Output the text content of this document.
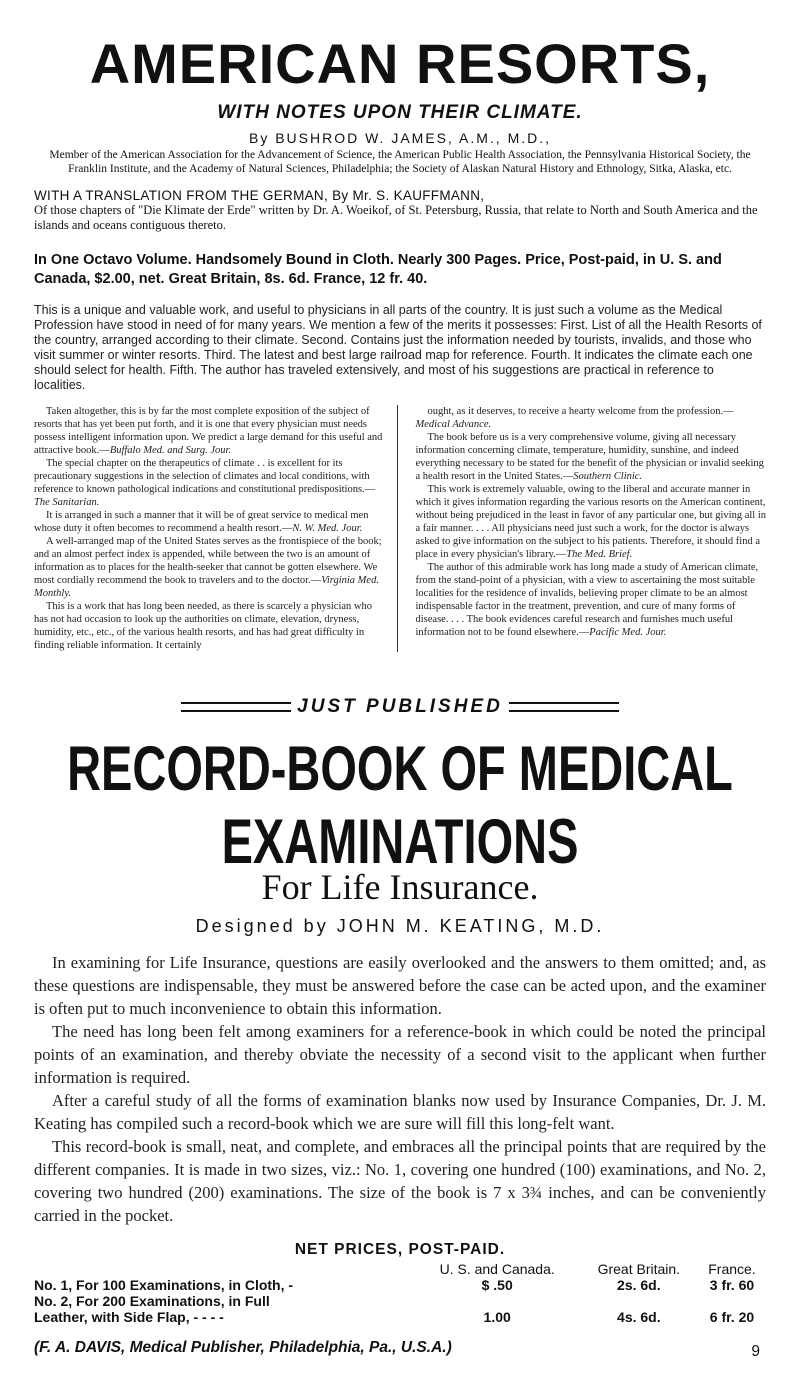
AMERICAN RESORTS,
WITH NOTES UPON THEIR CLIMATE.
By BUSHROD W. JAMES, A.M., M.D.,
Member of the American Association for the Advancement of Science, the American Public Health Association, the Pennsylvania Historical Society, the Franklin Institute, and the Academy of Natural Sciences, Philadelphia; the Society of Alaskan Natural History and Ethnology, Sitka, Alaska, etc.
WITH A TRANSLATION FROM THE GERMAN, By Mr. S. KAUFFMANN,
Of those chapters of "Die Klimate der Erde" written by Dr. A. Woeikof, of St. Petersburg, Russia, that relate to North and South America and the islands and oceans contiguous thereto.
In One Octavo Volume. Handsomely Bound in Cloth. Nearly 300 Pages. Price, Post-paid, in U. S. and Canada, $2.00, net. Great Britain, 8s. 6d. France, 12 fr. 40.
This is a unique and valuable work, and useful to physicians in all parts of the country. It is just such a volume as the Medical Profession have stood in need of for many years. We mention a few of the merits it possesses: First. List of all the Health Resorts of the country, arranged according to their climate. Second. Contains just the information needed by tourists, invalids, and those who visit summer or winter resorts. Third. The latest and best large railroad map for reference. Fourth. It indicates the climate each one should select for health. Fifth. The author has traveled extensively, and most of his suggestions are practical in reference to localities.

Taken altogether, this is by far the most complete exposition of the subject of resorts that has yet been put forth, and it is one that every physician must needs possess intelligent information upon. We predict a large demand for this useful and attractive book.—Buffalo Med. and Surg. Jour.

The special chapter on the therapeutics of climate . . is excellent for its precautionary suggestions in the selection of climates and local conditions, with reference to known pathological indications and constitutional predispositions.—The Sanitarian.

It is arranged in such a manner that it will be of great service to medical men whose duty it often becomes to recommend a health resort.—N. W. Med. Jour.

A well-arranged map of the United States serves as the frontispiece of the book; and an almost perfect index is appended, while between the two is an amount of information as to places for the health-seeker that cannot be gotten elsewhere. We most cordially recommend the book to travelers and to the doctor.—Virginia Med. Monthly.

This is a work that has long been needed, as there is scarcely a physician who has not had occasion to look up the authorities on climate, elevation, dryness, humidity, etc., etc., of the various health resorts, and has had great difficulty in finding reliable information. It certainly

ought, as it deserves, to receive a hearty welcome from the profession.—Medical Advance.

The book before us is a very comprehensive volume, giving all necessary information concerning climate, temperature, humidity, sunshine, and indeed everything necessary to be stated for the benefit of the physician or invalid seeking a health resort in the United States.—Southern Clinic.

This work is extremely valuable, owing to the liberal and accurate manner in which it gives information regarding the various resorts on the American continent, without being prejudiced in the least in favor of any particular one, but giving all in a fair manner. . . . All physicians need just such a work, for the doctor is always asked to give information on the subject to his patients. Therefore, it should find a place in every physician's library.—The Med. Brief.

The author of this admirable work has long made a study of American climate, from the stand-point of a physician, with a view to ascertaining the most suitable localities for the residence of invalids, believing proper climate to be an almost indispensable factor in the treatment, prevention, and cure of many forms of disease. . . . The book evidences careful research and furnishes much useful information not to be found elsewhere.—Pacific Med. Jour.

JUST PUBLISHED
RECORD-BOOK OF MEDICAL EXAMINATIONS
For Life Insurance.
Designed by JOHN M. KEATING, M.D.

In examining for Life Insurance, questions are easily overlooked and the answers to them omitted; and, as these questions are indispensable, they must be answered before the case can be acted upon, and the examiner is often put to much inconvenience to obtain this information.

The need has long been felt among examiners for a reference-book in which could be noted the principal points of an examination, and thereby obviate the necessity of a second visit to the applicant when further information is required.

After a careful study of all the forms of examination blanks now used by Insurance Companies, Dr. J. M. Keating has compiled such a record-book which we are sure will fill this long-felt want.

This record-book is small, neat, and complete, and embraces all the principal points that are required by the different companies. It is made in two sizes, viz.: No. 1, covering one hundred (100) examinations, and No. 2, covering two hundred (200) examinations. The size of the book is 7 x 3¾ inches, and can be conveniently carried in the pocket.

NET PRICES, POST-PAID.
	U. S. and Canada.	Great Britain.	France.
No. 1, For 100 Examinations, in Cloth, -	$ .50	2s. 6d.	3 fr. 60
No. 2, For 200 Examinations, in Full			
Leather, with Side Flap, - - - -	1.00	4s. 6d.	6 fr. 20
(F. A. DAVIS, Medical Publisher, Philadelphia, Pa., U.S.A.)	9
